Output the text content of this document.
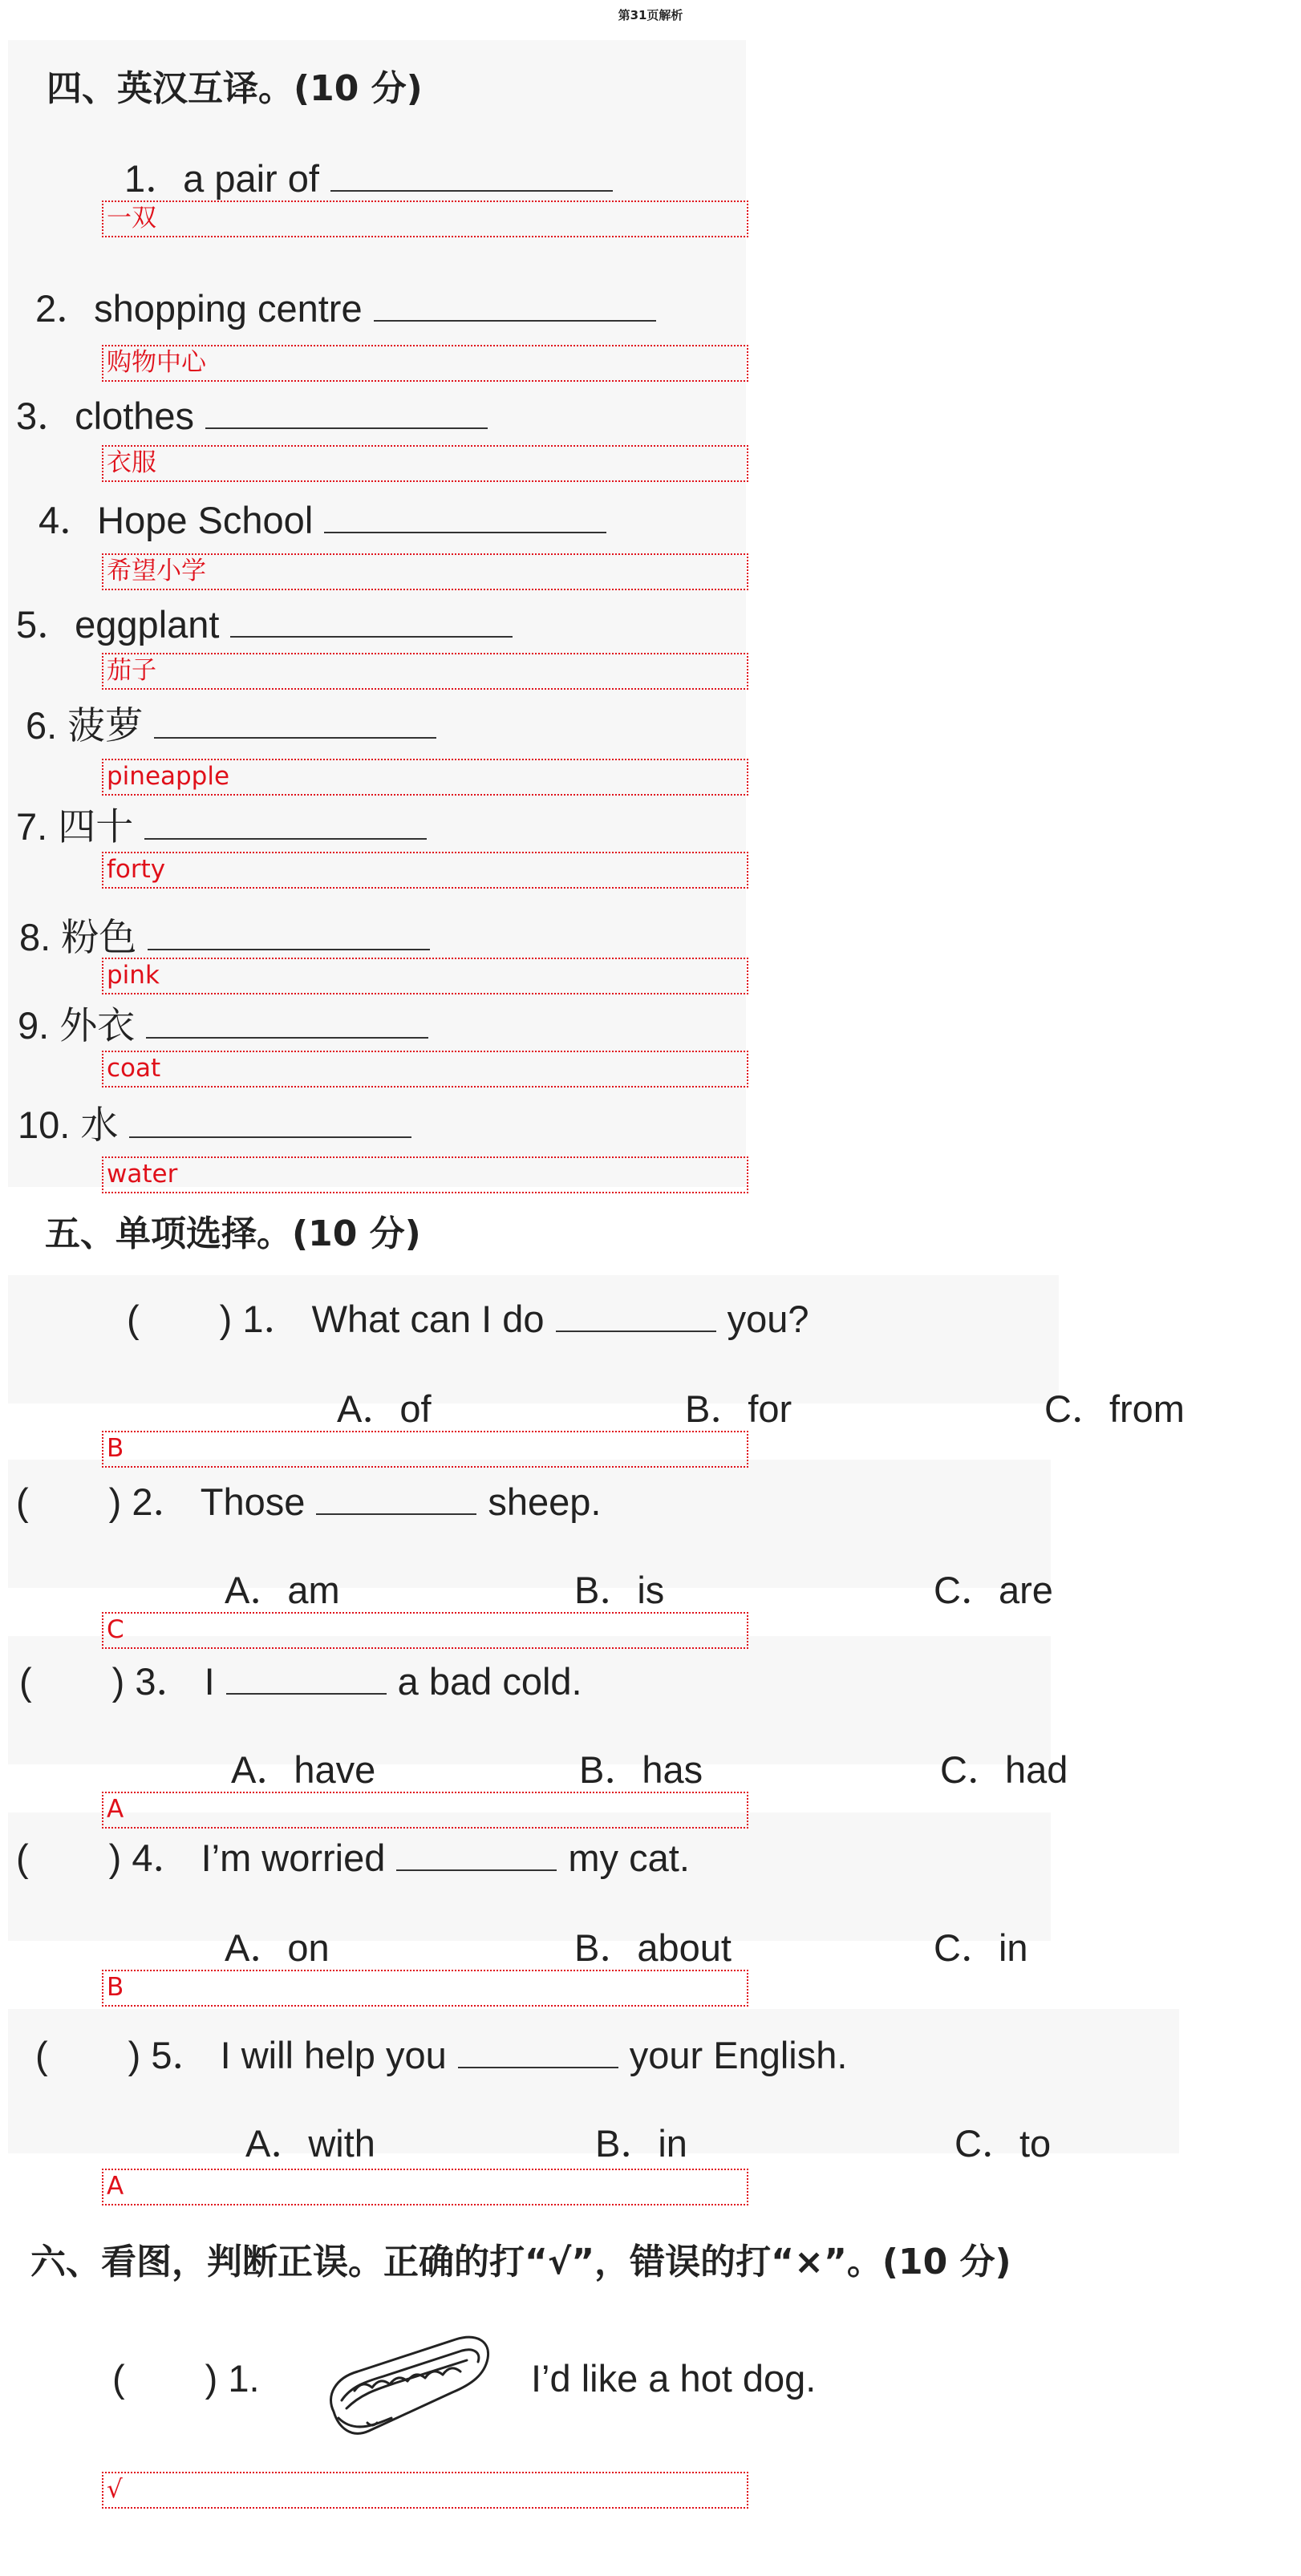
第31页解析
四、英汉互译。(10 分)
1．a pair of
一双
2．shopping centre
购物中心
3．clothes
衣服
4．Hope School
希望小学
5．eggplant
茄子
6. 菠萝
pineapple
7. 四十
forty
8. 粉色
pink
9. 外衣
coat
10. 水
water
五、单项选择。(10 分)
( ) 1． What can I do	you?
A．of	B．for	C．from
B
( ) 2． Those	sheep.
A．am	B．is	C．are
C
( ) 3． I	a bad cold.
A．have	B．has	C．had
A
( ) 4． I’m worried	my cat.
A．on	B．about	C．in
B
( ) 5． I will help you	your English.
A．with	B．in	C．to
A
六、看图，判断正误。正确的打“√”，错误的打“×”。(10 分)
( ) 1.	I’d like a hot dog.
√
